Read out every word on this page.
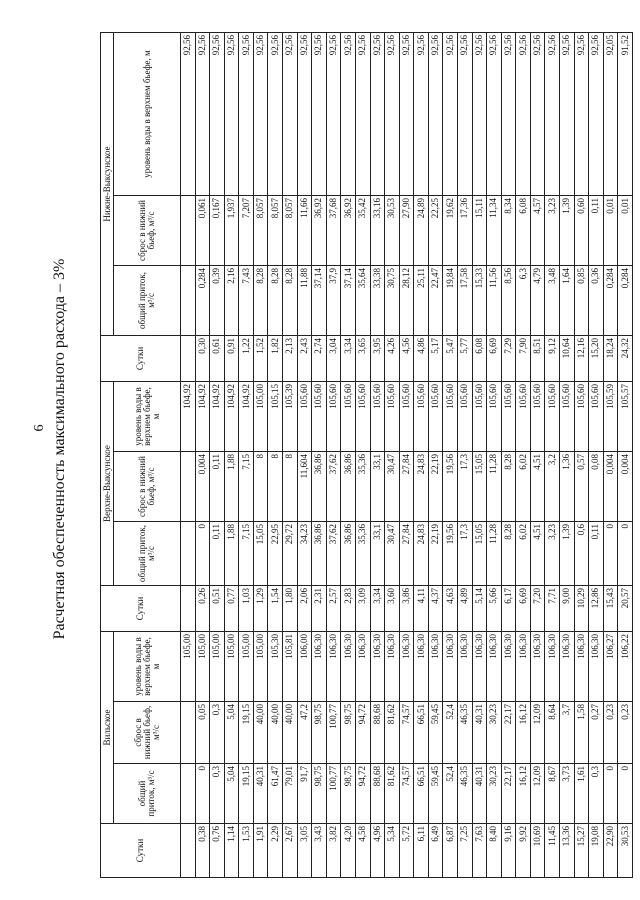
6 Расчетная обеспеченность максимального расхода – 3%
Сутки	Вильское			Сутки	Верхне-Выксунское			Сутки	Нижне-Выксунское		
	общий приток, м³/с	сброс в нижний бьеф, м³/с	уровень воды в верхнем бьефе, м		общий приток, м³/с	сброс в нижний бьеф, м³/с	уровень воды в верхнем бьефе, м		общий приток, м³/с	сброс в нижний бьеф, м³/с	уровень воды в верхнем бьефе, м
			105,00				104,92				92,56
0,38	0	0,05	105,00	0,26	0	0,004	104,92	0,30	0,284	0,061	92,56
0,76	0,3	0,3	105,00	0,51	0,11	0,11	104,92	0,61	0,39	0,167	92,56
1,14	5,04	5,04	105,00	0,77	1,88	1,88	104,92	0,91	2,16	1,937	92,56
1,53	19,15	19,15	105,00	1,03	7,15	7,15	104,92	1,22	7,43	7,207	92,56
1,91	40,31	40,00	105,00	1,29	15,05	8	105,00	1,52	8,28	8,057	92,56
2,29	61,47	40,00	105,30	1,54	22,95	8	105,15	1,82	8,28	8,057	92,56
2,67	79,01	40,00	105,81	1,80	29,72	8	105,39	2,13	8,28	8,057	92,56
3,05	91,7	47,2	106,00	2,06	34,23	11,604	105,60	2,43	11,88	11,66	92,56
3,43	98,75	98,75	106,30	2,31	36,86	36,86	105,60	2,74	37,14	36,92	92,56
3,82	100,77	100,77	106,30	2,57	37,62	37,62	105,60	3,04	37,9	37,68	92,56
4,20	98,75	98,75	106,30	2,83	36,86	36,86	105,60	3,34	37,14	36,92	92,56
4,58	94,72	94,72	106,30	3,09	35,36	35,36	105,60	3,65	35,64	35,42	92,56
4,96	88,68	88,68	106,30	3,34	33,1	33,1	105,60	3,95	33,38	33,16	92,56
5,34	81,62	81,62	106,30	3,60	30,47	30,47	105,60	4,26	30,75	30,53	92,56
5,72	74,57	74,57	106,30	3,86	27,84	27,84	105,60	4,56	28,12	27,90	92,56
6,11	66,51	66,51	106,30	4,11	24,83	24,83	105,60	4,86	25,11	24,89	92,56
6,49	59,45	59,45	106,30	4,37	22,19	22,19	105,60	5,17	22,47	22,25	92,56
6,87	52,4	52,4	106,30	4,63	19,56	19,56	105,60	5,47	19,84	19,62	92,56
7,25	46,35	46,35	106,30	4,89	17,3	17,3	105,60	5,77	17,58	17,36	92,56
7,63	40,31	40,31	106,30	5,14	15,05	15,05	105,60	6,08	15,33	15,11	92,56
8,40	30,23	30,23	106,30	5,66	11,28	11,28	105,60	6,69	11,56	11,34	92,56
9,16	22,17	22,17	106,30	6,17	8,28	8,28	105,60	7,29	8,56	8,34	92,56
9,92	16,12	16,12	106,30	6,69	6,02	6,02	105,60	7,90	6,3	6,08	92,56
10,69	12,09	12,09	106,30	7,20	4,51	4,51	105,60	8,51	4,79	4,57	92,56
11,45	8,67	8,64	106,30	7,71	3,23	3,2	105,60	9,12	3,48	3,23	92,56
13,36	3,73	3,7	106,30	9,00	1,39	1,36	105,60	10,64	1,64	1,39	92,56
15,27	1,61	1,58	106,30	10,29	0,6	0,57	105,60	12,16	0,85	0,60	92,56
19,08	0,3	0,27	106,30	12,86	0,11	0,08	105,60	15,20	0,36	0,11	92,56
22,90	0	0,23	106,27	15,43	0	0,004	105,59	18,24	0,284	0,01	92,05
30,53	0	0,23	106,22	20,57	0	0,004	105,57	24,32	0,284	0,01	91,52
